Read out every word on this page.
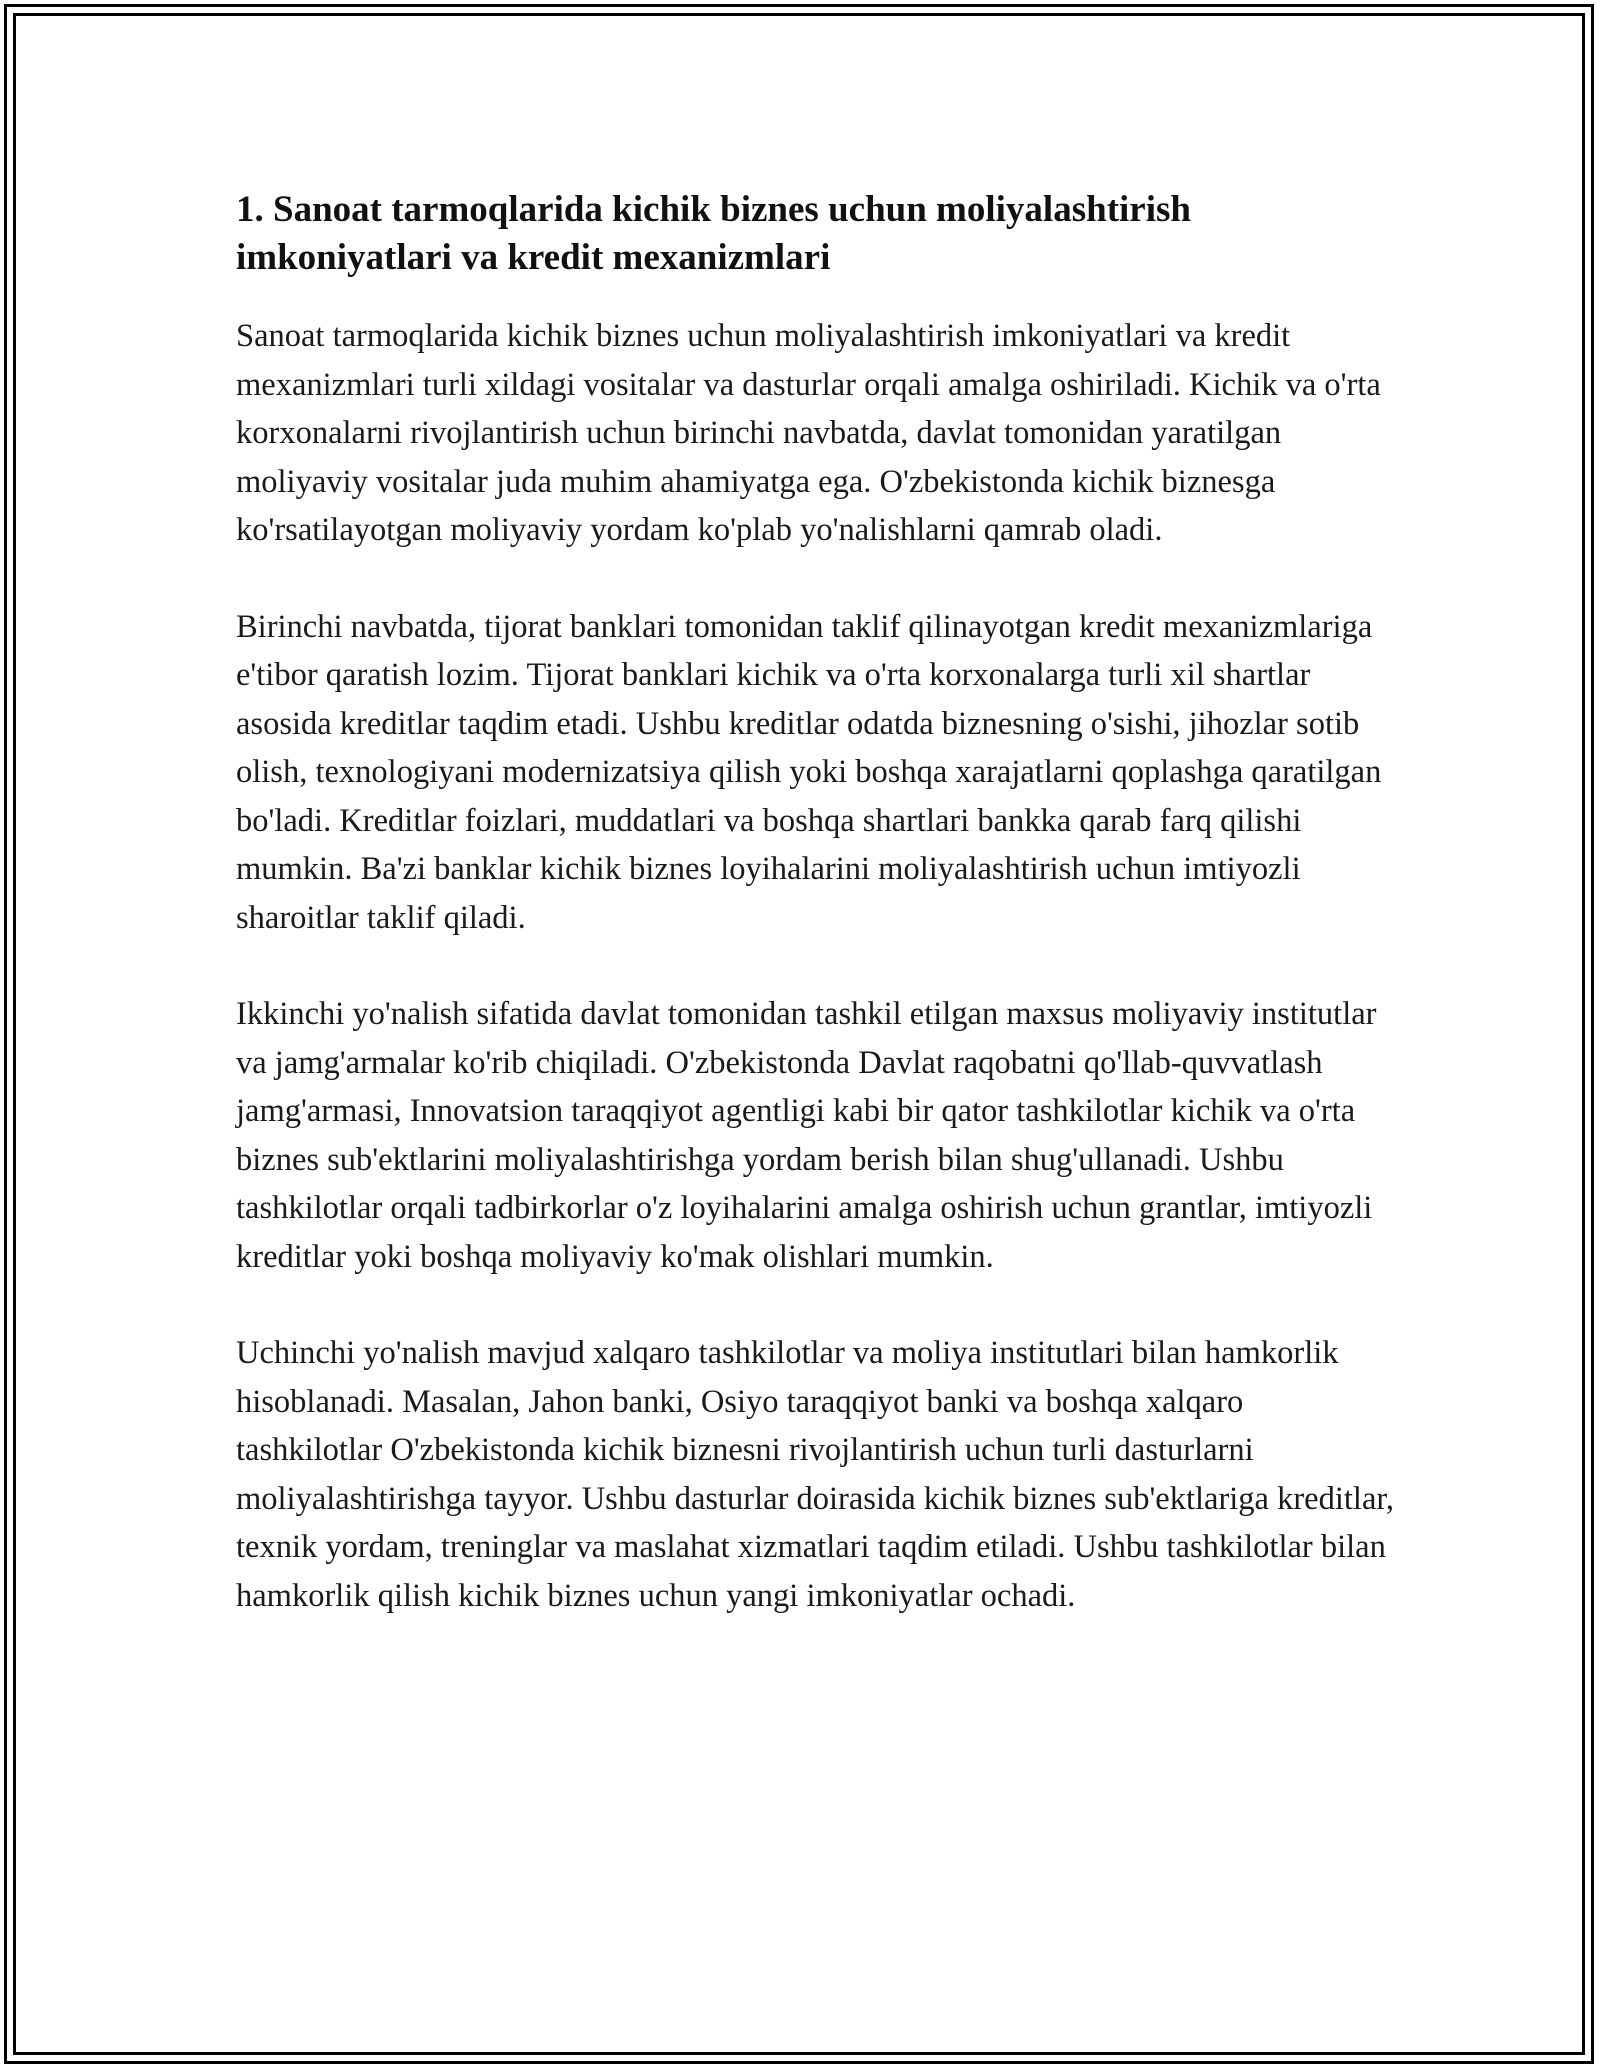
1. Sanoat tarmoqlarida kichik biznes uchun moliyalashtirish imkoniyatlari va kredit mexanizmlari

Sanoat tarmoqlarida kichik biznes uchun moliyalashtirish imkoniyatlari va kredit mexanizmlari turli xildagi vositalar va dasturlar orqali amalga oshiriladi. Kichik va o'rta korxonalarni rivojlantirish uchun birinchi navbatda, davlat tomonidan yaratilgan moliyaviy vositalar juda muhim ahamiyatga ega. O'zbekistonda kichik biznesga ko'rsatilayotgan moliyaviy yordam ko'plab yo'nalishlarni qamrab oladi.

Birinchi navbatda, tijorat banklari tomonidan taklif qilinayotgan kredit mexanizmlariga e'tibor qaratish lozim. Tijorat banklari kichik va o'rta korxonalarga turli xil shartlar asosida kreditlar taqdim etadi. Ushbu kreditlar odatda biznesning o'sishi, jihozlar sotib olish, texnologiyani modernizatsiya qilish yoki boshqa xarajatlarni qoplashga qaratilgan bo'ladi. Kreditlar foizlari, muddatlari va boshqa shartlari bankka qarab farq qilishi mumkin. Ba'zi banklar kichik biznes loyihalarini moliyalashtirish uchun imtiyozli sharoitlar taklif qiladi.

Ikkinchi yo'nalish sifatida davlat tomonidan tashkil etilgan maxsus moliyaviy institutlar va jamg'armalar ko'rib chiqiladi. O'zbekistonda Davlat raqobatni qo'llab-quvvatlash jamg'armasi, Innovatsion taraqqiyot agentligi kabi bir qator tashkilotlar kichik va o'rta biznes sub'ektlarini moliyalashtirishga yordam berish bilan shug'ullanadi. Ushbu tashkilotlar orqali tadbirkorlar o'z loyihalarini amalga oshirish uchun grantlar, imtiyozli kreditlar yoki boshqa moliyaviy ko'mak olishlari mumkin.

Uchinchi yo'nalish mavjud xalqaro tashkilotlar va moliya institutlari bilan hamkorlik hisoblanadi. Masalan, Jahon banki, Osiyo taraqqiyot banki va boshqa xalqaro tashkilotlar O'zbekistonda kichik biznesni rivojlantirish uchun turli dasturlarni moliyalashtirishga tayyor. Ushbu dasturlar doirasida kichik biznes sub'ektlariga kreditlar, texnik yordam, treninglar va maslahat xizmatlari taqdim etiladi. Ushbu tashkilotlar bilan hamkorlik qilish kichik biznes uchun yangi imkoniyatlar ochadi.
